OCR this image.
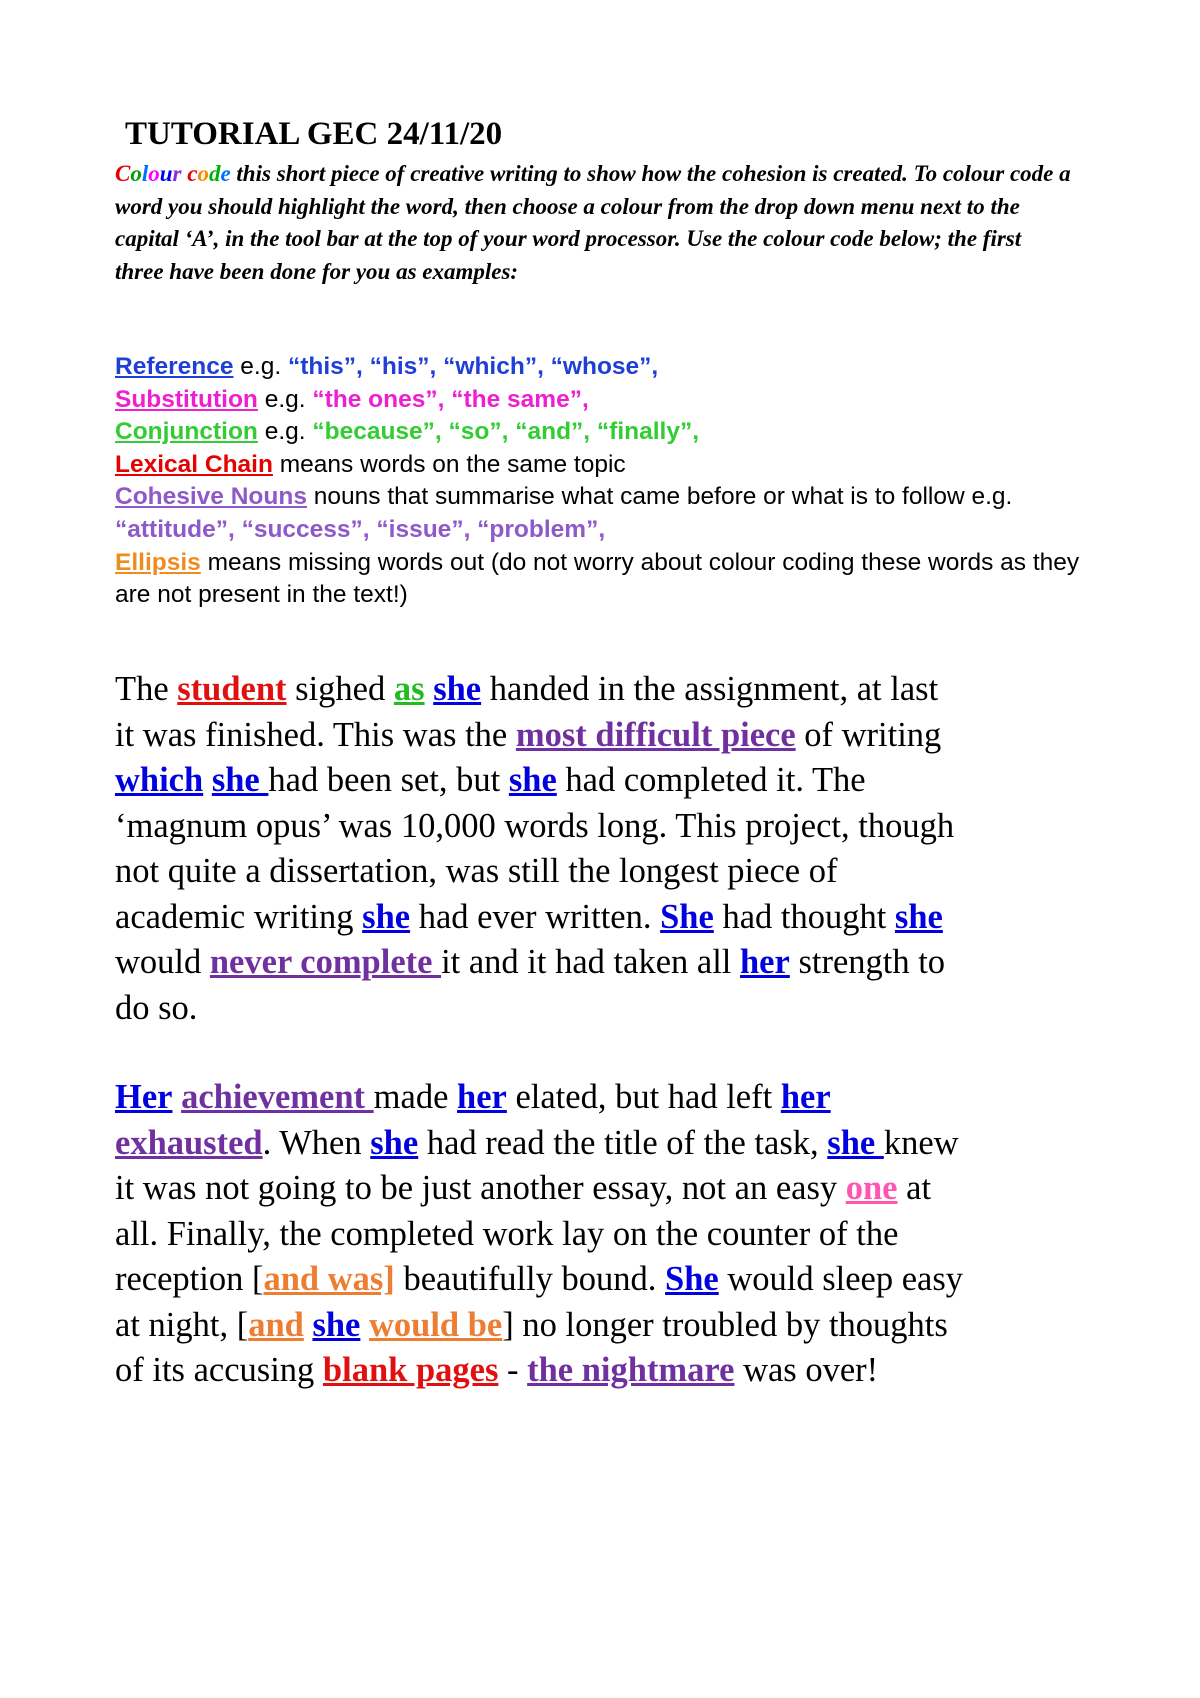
TUTORIAL GEC 24/11/20

Colour code this short piece of creative writing to show how the cohesion is created. To colour code a word you should highlight the word, then choose a colour from the drop down menu next to the capital ‘A’, in the tool bar at the top of your word processor. Use the colour code below; the first three have been done for you as examples:

Reference e.g. “this”, “his”, “which”, “whose”,
Substitution e.g. “the ones”, “the same”,
Conjunction e.g. “because”, “so”, “and”, “finally”,
Lexical Chain means words on the same topic
Cohesive Nouns nouns that summarise what came before or what is to follow e.g. “attitude”, “success”, “issue”, “problem”,
Ellipsis means missing words out (do not worry about colour coding these words as they are not present in the text!)

The student sighed as she handed in the assignment, at last
it was finished. This was the most difficult piece of writing
which she had been set, but she had completed it. The
‘magnum opus’ was 10,000 words long. This project, though
not quite a dissertation, was still the longest piece of
academic writing she had ever written. She had thought she
would never complete it and it had taken all her strength to
do so.

Her achievement made her elated, but had left her
exhausted. When she had read the title of the task, she knew
it was not going to be just another essay, not an easy one at
all. Finally, the completed work lay on the counter of the
reception [and was] beautifully bound. She would sleep easy
at night, [and she would be] no longer troubled by thoughts
of its accusing blank pages - the nightmare was over!
